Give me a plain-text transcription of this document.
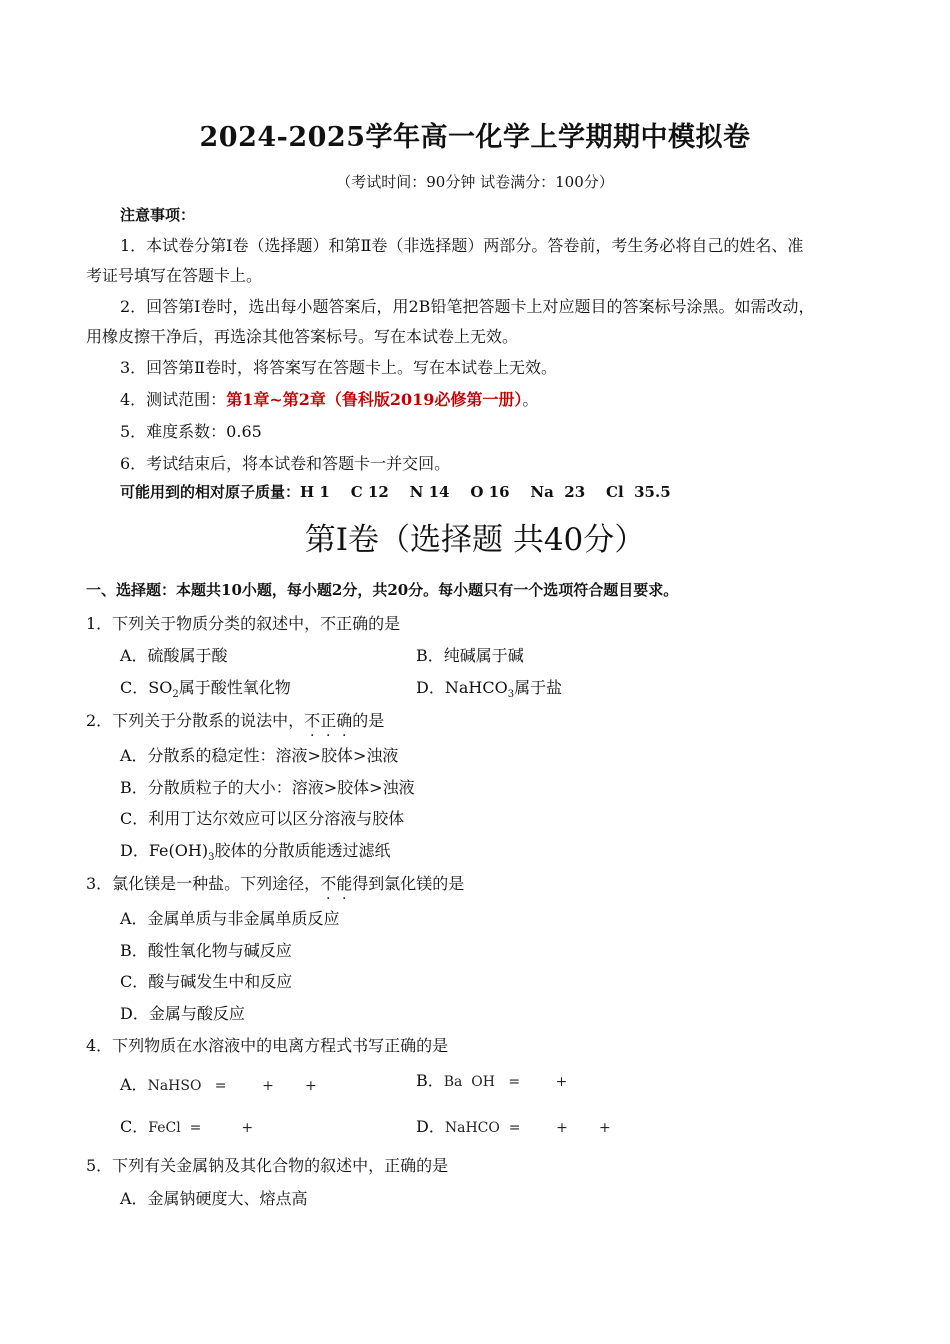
2024-2025学年高一化学上学期期中模拟卷
（考试时间：90分钟 试卷满分：100分）
注意事项：
1．本试卷分第Ⅰ卷（选择题）和第Ⅱ卷（非选择题）两部分。答卷前，考生务必将自己的姓名、准
考证号填写在答题卡上。
2．回答第Ⅰ卷时，选出每小题答案后，用2B铅笔把答题卡上对应题目的答案标号涂黑。如需改动，
用橡皮擦干净后，再选涂其他答案标号。写在本试卷上无效。
3．回答第Ⅱ卷时，将答案写在答题卡上。写在本试卷上无效。
4．测试范围：第1章~第2章（鲁科版2019必修第一册）。
5．难度系数：0.65
6．考试结束后，将本试卷和答题卡一并交回。
可能用到的相对原子质量：H 1    C 12    N 14    O 16    Na  23    Cl  35.5
第Ⅰ卷（选择题 共40分）
一、选择题：本题共10小题，每小题2分，共20分。每小题只有一个选项符合题目要求。
1．下列关于物质分类的叙述中，不正确的是
A．硫酸属于酸	B．纯碱属于碱
C．$SO_2$属于酸性氧化物	D．NaHCO$_3$属于盐
2．下列关于分散系的说法中，不正确的是
A．分散系的稳定性：溶液>胶体>浊液
B．分散质粒子的大小：溶液>胶体>浊液
C．利用丁达尔效应可以区分溶液与胶体
D．$Fe(OH)_3$胶体的分散质能透过滤纸
3．氯化镁是一种盐。下列途径，不能得到氯化镁的是
A．金属单质与非金属单质反应
B．酸性氧化物与碱反应
C．酸与碱发生中和反应
D．金属与酸反应
4．下列物质在水溶液中的电离方程式书写正确的是
A．NaHSO   =        +       +	B．Ba  OH   =        +
C．FeCl  =         +	D．NaHCO  =        +       +
5．下列有关金属钠及其化合物的叙述中，正确的是
A．金属钠硬度大、熔点高
